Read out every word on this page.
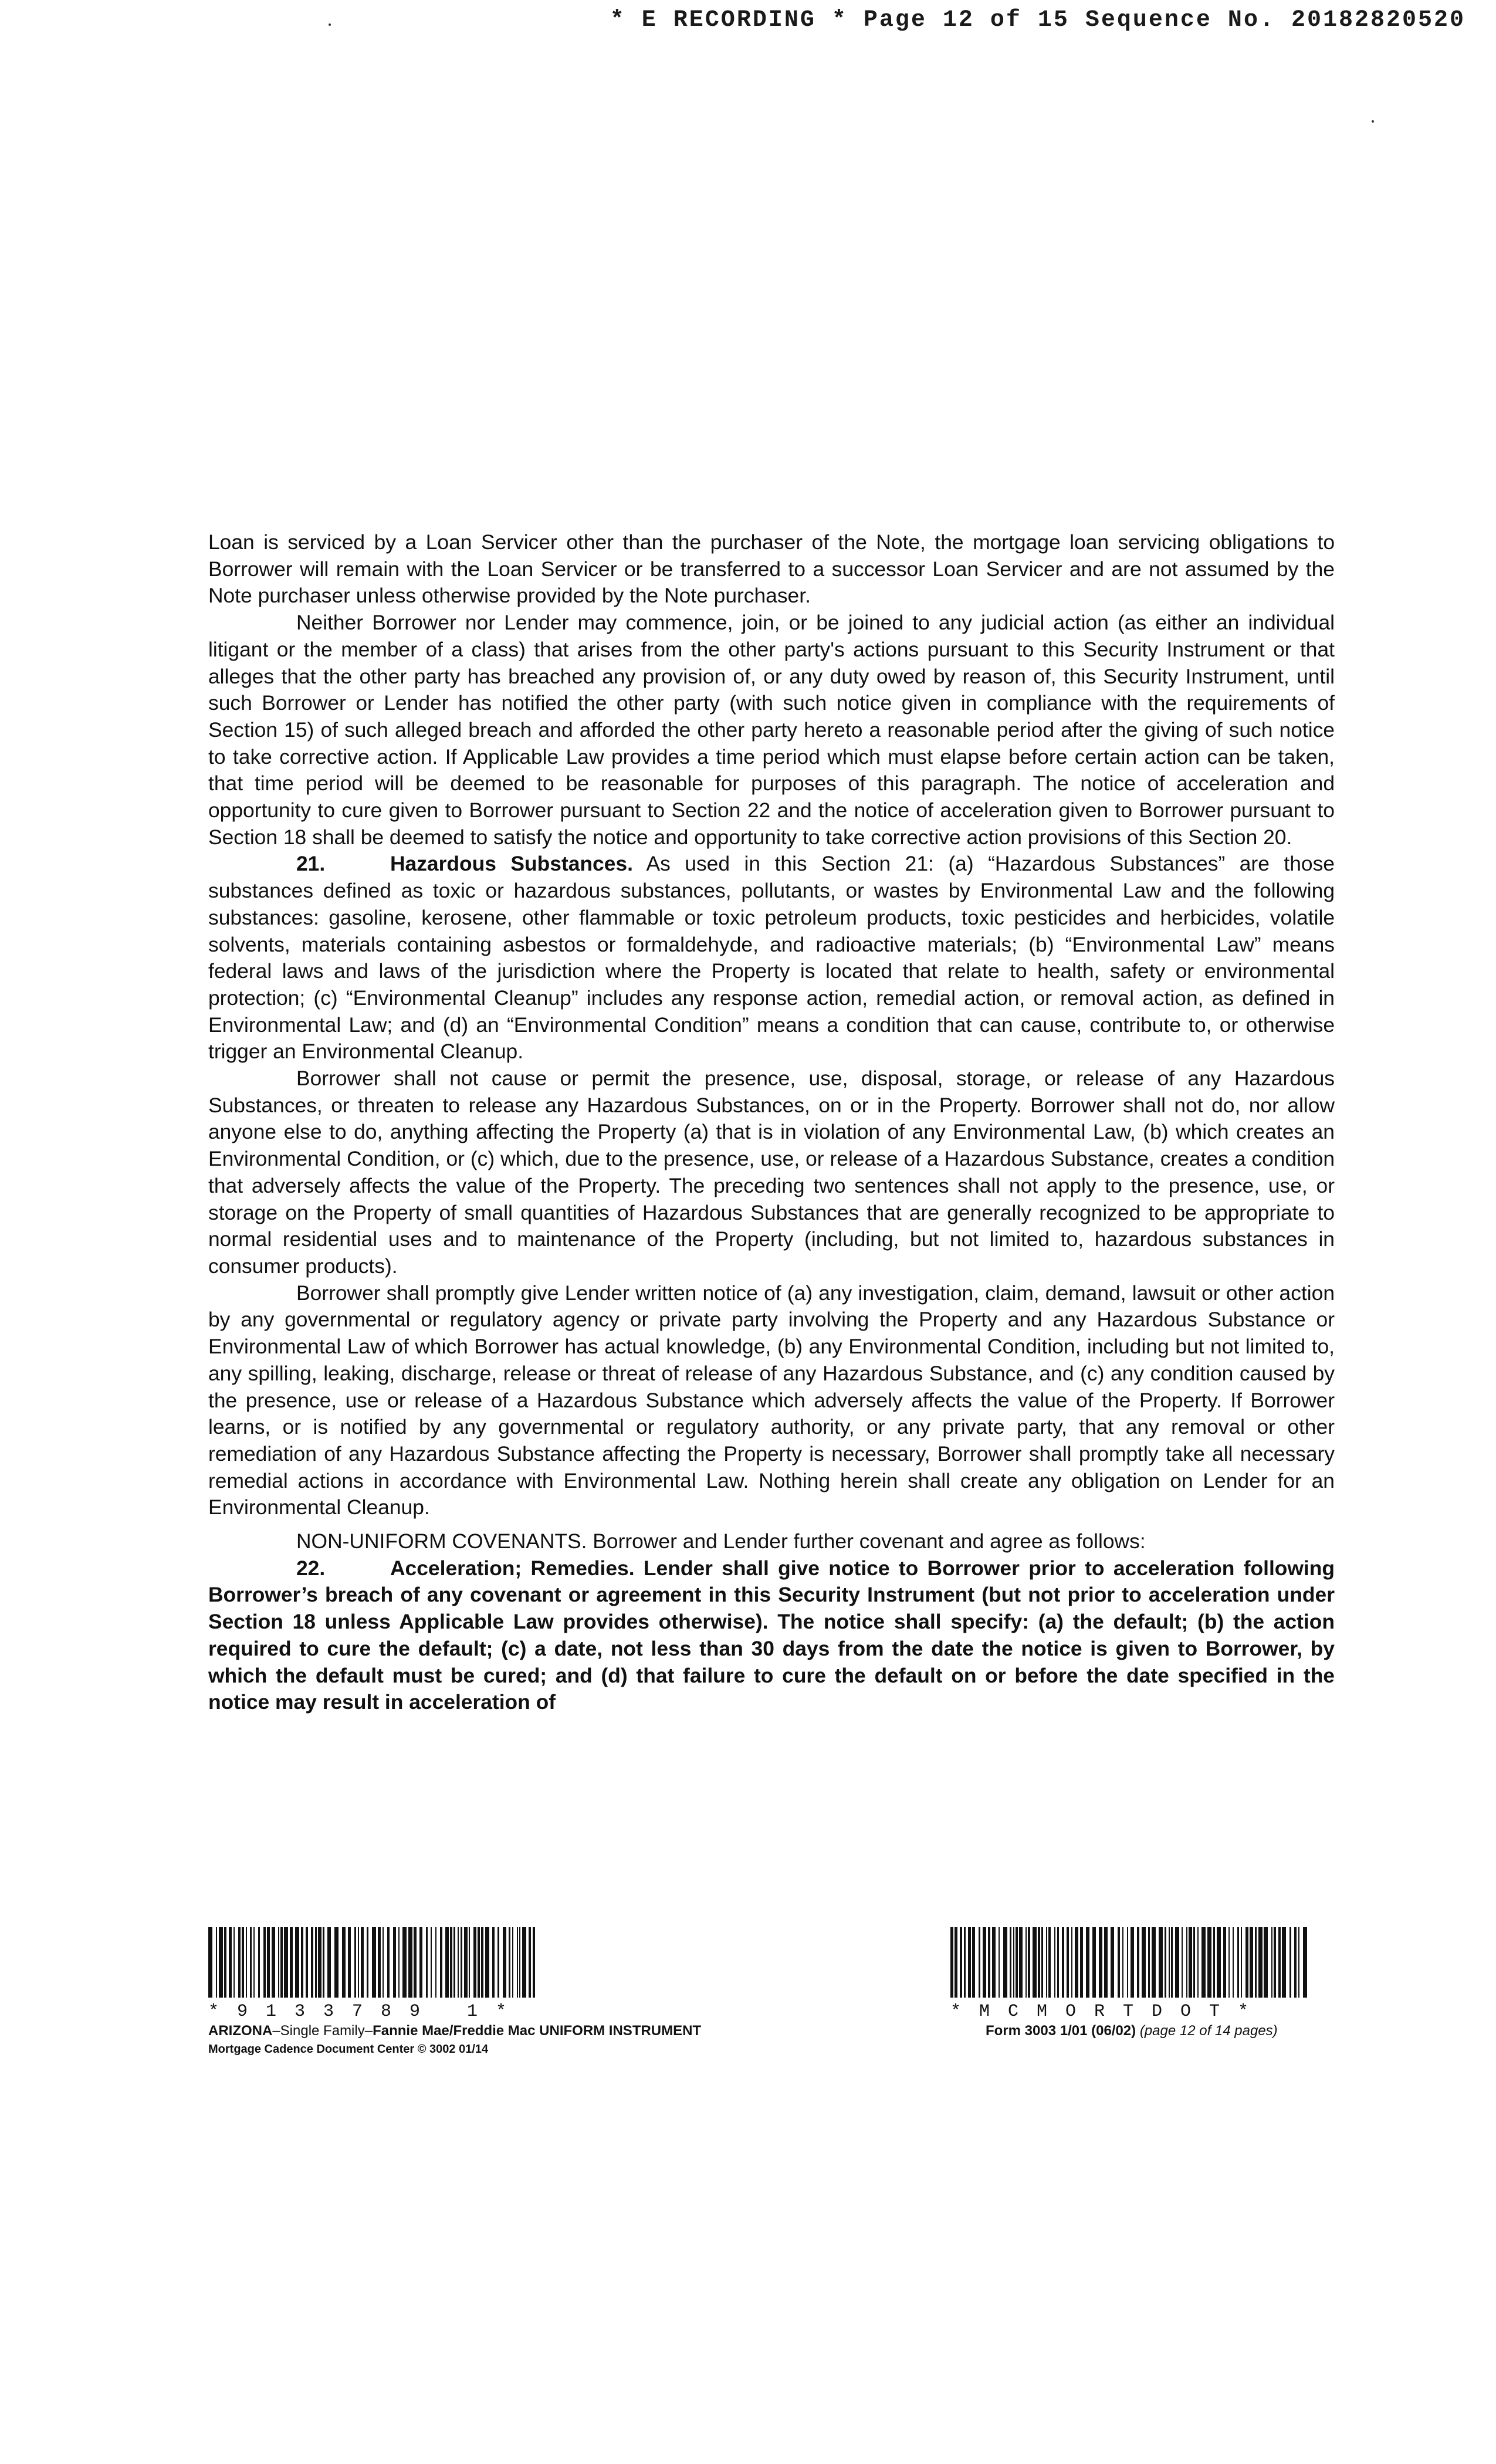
* E RECORDING * Page 12 of 15 Sequence No. 20182820520

Loan is serviced by a Loan Servicer other than the purchaser of the Note, the mortgage loan servicing obligations to Borrower will remain with the Loan Servicer or be transferred to a successor Loan Servicer and are not assumed by the Note purchaser unless otherwise provided by the Note purchaser.

Neither Borrower nor Lender may commence, join, or be joined to any judicial action (as either an individual litigant or the member of a class) that arises from the other party's actions pursuant to this Security Instrument or that alleges that the other party has breached any provision of, or any duty owed by reason of, this Security Instrument, until such Borrower or Lender has notified the other party (with such notice given in compliance with the requirements of Section 15) of such alleged breach and afforded the other party hereto a reasonable period after the giving of such notice to take corrective action. If Applicable Law provides a time period which must elapse before certain action can be taken, that time period will be deemed to be reasonable for purposes of this paragraph. The notice of acceleration and opportunity to cure given to Borrower pursuant to Section 22 and the notice of acceleration given to Borrower pursuant to Section 18 shall be deemed to satisfy the notice and opportunity to take corrective action provisions of this Section 20.

21.	Hazardous Substances. As used in this Section 21: (a) “Hazardous Substances” are those substances defined as toxic or hazardous substances, pollutants, or wastes by Environmental Law and the following substances: gasoline, kerosene, other flammable or toxic petroleum products, toxic pesticides and herbicides, volatile solvents, materials containing asbestos or formaldehyde, and radioactive materials; (b) “Environmental Law” means federal laws and laws of the jurisdiction where the Property is located that relate to health, safety or environmental protection; (c) “Environmental Cleanup” includes any response action, remedial action, or removal action, as defined in Environmental Law; and (d) an “Environmental Condition” means a condition that can cause, contribute to, or otherwise trigger an Environmental Cleanup.

Borrower shall not cause or permit the presence, use, disposal, storage, or release of any Hazardous Substances, or threaten to release any Hazardous Substances, on or in the Property. Borrower shall not do, nor allow anyone else to do, anything affecting the Property (a) that is in violation of any Environmental Law, (b) which creates an Environmental Condition, or (c) which, due to the presence, use, or release of a Hazardous Substance, creates a condition that adversely affects the value of the Property. The preceding two sentences shall not apply to the presence, use, or storage on the Property of small quantities of Hazardous Substances that are generally recognized to be appropriate to normal residential uses and to maintenance of the Property (including, but not limited to, hazardous substances in consumer products).

Borrower shall promptly give Lender written notice of (a) any investigation, claim, demand, lawsuit or other action by any governmental or regulatory agency or private party involving the Property and any Hazardous Substance or Environmental Law of which Borrower has actual knowledge, (b) any Environmental Condition, including but not limited to, any spilling, leaking, discharge, release or threat of release of any Hazardous Substance, and (c) any condition caused by the presence, use or release of a Hazardous Substance which adversely affects the value of the Property. If Borrower learns, or is notified by any governmental or regulatory authority, or any private party, that any removal or other remediation of any Hazardous Substance affecting the Property is necessary, Borrower shall promptly take all necessary remedial actions in accordance with Environmental Law. Nothing herein shall create any obligation on Lender for an Environmental Cleanup.

NON-UNIFORM COVENANTS. Borrower and Lender further covenant and agree as follows:

22.	Acceleration; Remedies. Lender shall give notice to Borrower prior to acceleration following Borrower’s breach of any covenant or agreement in this Security Instrument (but not prior to acceleration under Section 18 unless Applicable Law provides otherwise). The notice shall specify: (a) the default; (b) the action required to cure the default; (c) a date, not less than 30 days from the date the notice is given to Borrower, by which the default must be cured; and (d) that failure to cure the default on or before the date specified in the notice may result in acceleration of

*9133789 1*
ARIZONA–Single Family–Fannie Mae/Freddie Mac UNIFORM INSTRUMENT
Mortgage Cadence Document Center © 3002 01/14
*MCMORTDOT*
Form 3003 1/01 (06/02) (page 12 of 14 pages)
